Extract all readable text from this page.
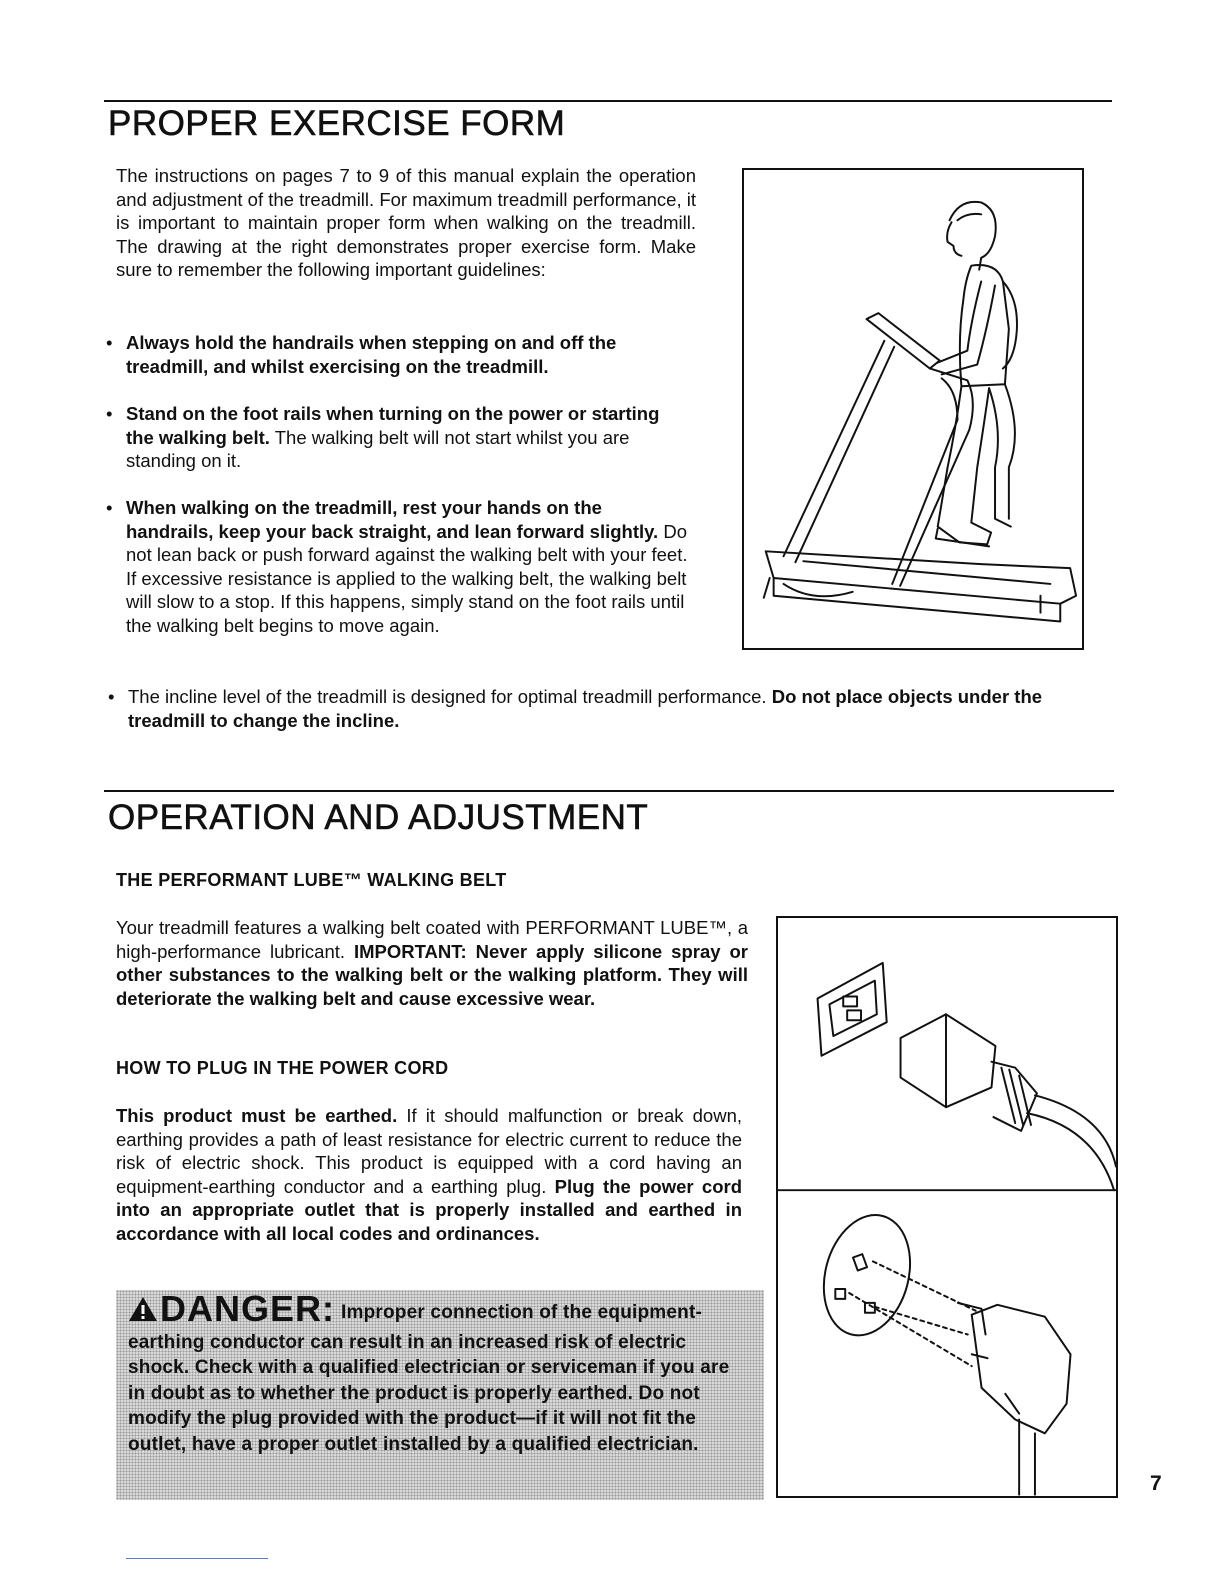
PROPER EXERCISE FORM

The instructions on pages 7 to 9 of this manual explain the operation and adjustment of the treadmill. For maximum treadmill performance, it is important to maintain proper form when walking on the treadmill. The drawing at the right demonstrates proper exercise form. Make sure to remember the following important guidelines:

• Always hold the handrails when stepping on and off the treadmill, and whilst exercising on the treadmill.
• Stand on the foot rails when turning on the power or starting the walking belt. The walking belt will not start whilst you are standing on it.
• When walking on the treadmill, rest your hands on the handrails, keep your back straight, and lean forward slightly. Do not lean back or push forward against the walking belt with your feet. If excessive resistance is applied to the walking belt, the walking belt will slow to a stop. If this happens, simply stand on the foot rails until the walking belt begins to move again.
• The incline level of the treadmill is designed for optimal treadmill performance. Do not place objects under the treadmill to change the incline.
OPERATION AND ADJUSTMENT
THE PERFORMANT LUBE™ WALKING BELT

Your treadmill features a walking belt coated with PERFORMANT LUBE™, a high-performance lubricant. IMPORTANT: Never apply silicone spray or other substances to the walking belt or the walking platform. They will deteriorate the walking belt and cause excessive wear.

HOW TO PLUG IN THE POWER CORD

This product must be earthed. If it should malfunction or break down, earthing provides a path of least resistance for electric current to reduce the risk of electric shock. This product is equipped with a cord having an equipment-earthing conductor and a earthing plug. Plug the power cord into an appropriate outlet that is properly installed and earthed in accordance with all local codes and ordinances.

DANGER: Improper connection of the equipment-earthing conductor can result in an increased risk of electric shock. Check with a qualified electrician or serviceman if you are in doubt as to whether the product is properly earthed. Do not modify the plug provided with the product—if it will not fit the outlet, have a proper outlet installed by a qualified electrician.
7
